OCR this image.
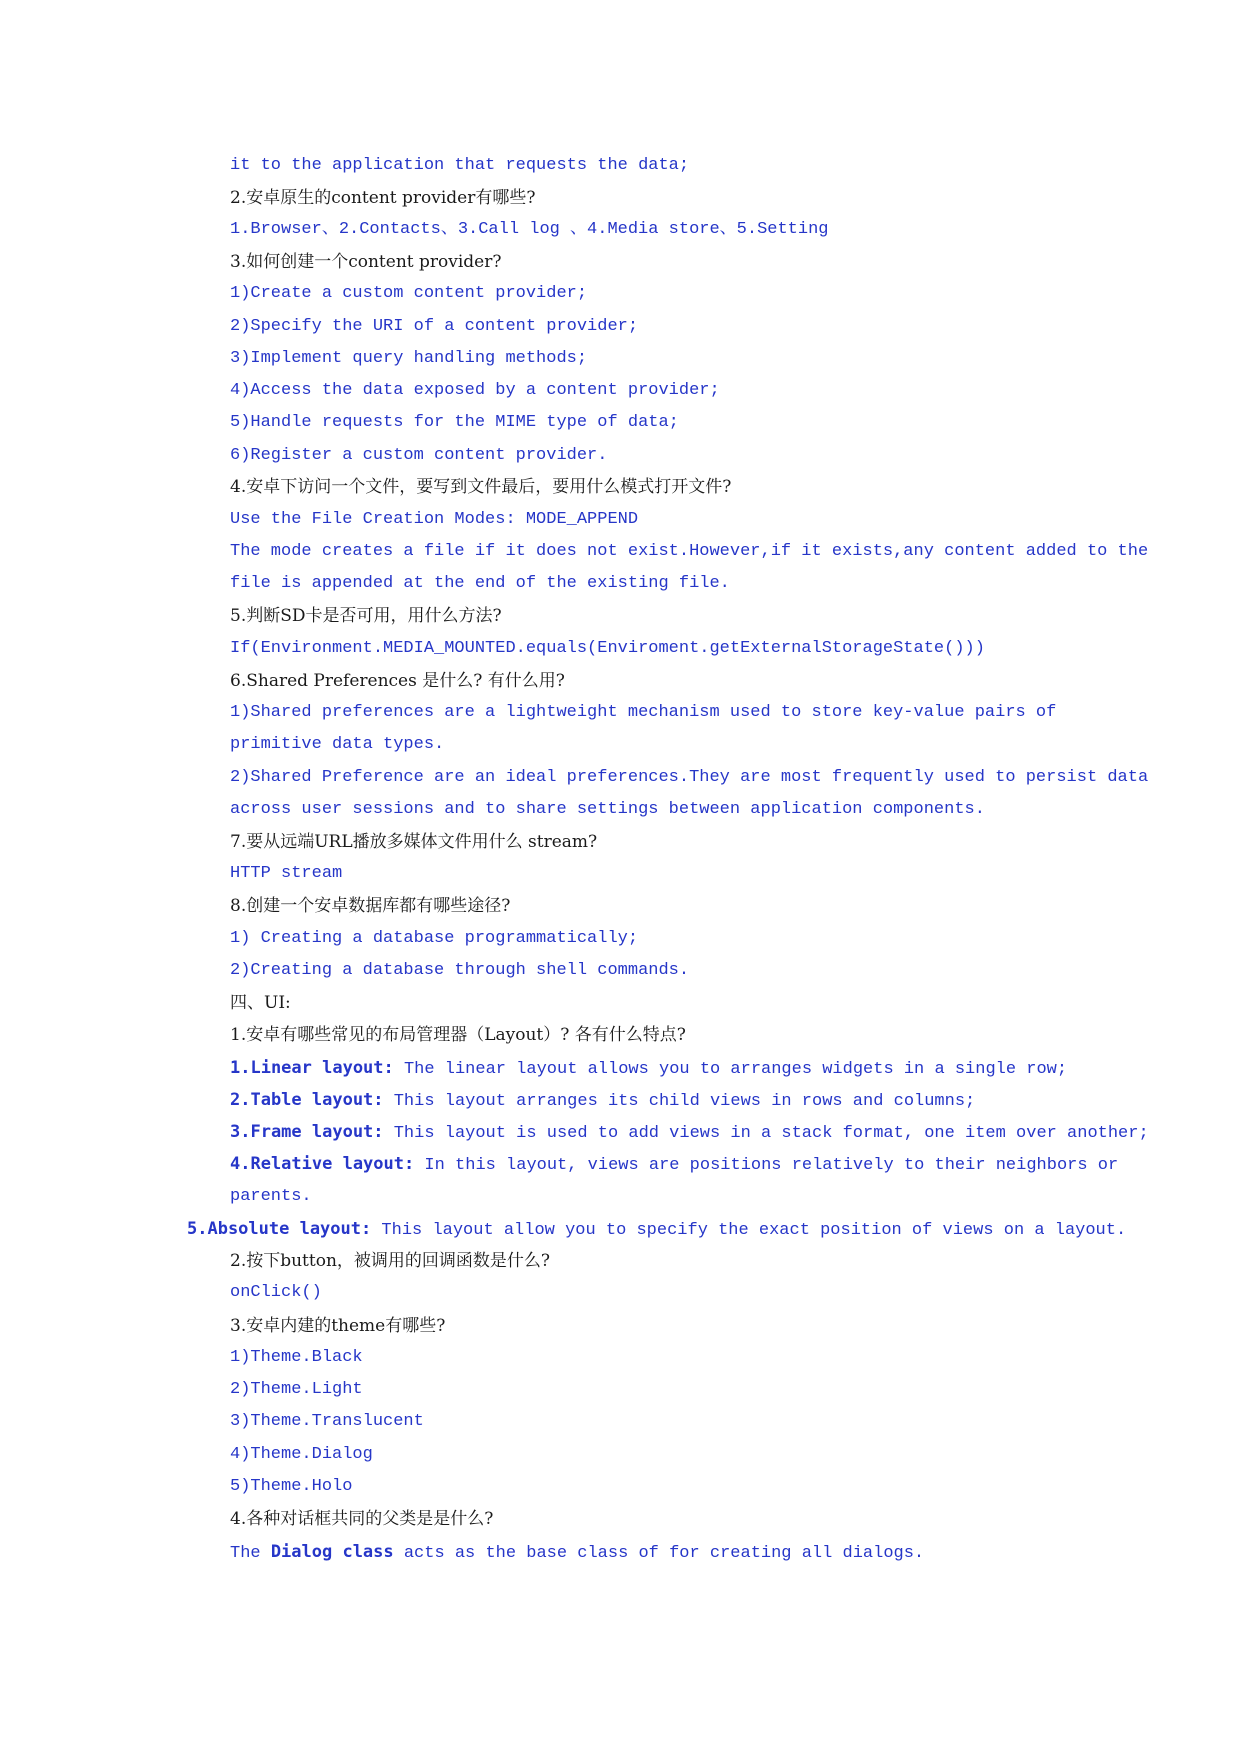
it to the application that requests the data;
2.安卓原生的content provider有哪些?
1.Browser、2.Contacts、3.Call log 、4.Media store、5.Setting
3.如何创建一个content provider?
1)Create a custom content provider;
2)Specify the URI of a content provider;
3)Implement query handling methods;
4)Access the data exposed by a content provider;
5)Handle requests for the MIME type of data;
6)Register a custom content provider.
4.安卓下访问一个文件，要写到文件最后，要用什么模式打开文件?
Use the File Creation Modes: MODE_APPEND
The mode creates a file if it does not exist.However,if it exists,any content added to the
file is appended at the end of the existing file.
5.判断SD卡是否可用，用什么方法?
If(Environment.MEDIA_MOUNTED.equals(Enviroment.getExternalStorageState()))
6.Shared Preferences 是什么? 有什么用?
1)Shared preferences are a lightweight mechanism used to store key-value pairs of
primitive data types.
2)Shared Preference are an ideal preferences.They are most frequently used to persist data
across user sessions and to share settings between application components.
7.要从远端URL播放多媒体文件用什么 stream?
HTTP stream
8.创建一个安卓数据库都有哪些途径?
1) Creating a database programmatically;
2)Creating a database through shell commands.
四、UI:
1.安卓有哪些常见的布局管理器（Layout）? 各有什么特点?
1.Linear layout: The linear layout allows you to arranges widgets in a single row;
2.Table layout: This layout arranges its child views in rows and columns;
3.Frame layout: This layout is used to add views in a stack format, one item over another;
4.Relative layout: In this layout, views are positions relatively to their neighbors or
parents.
5.Absolute layout: This layout allow you to specify the exact position of views on a layout.
2.按下button，被调用的回调函数是什么?
onClick()
3.安卓内建的theme有哪些?
1)Theme.Black
2)Theme.Light
3)Theme.Translucent
4)Theme.Dialog
5)Theme.Holo
4.各种对话框共同的父类是是什么?
The Dialog class acts as the base class of for creating all dialogs.
